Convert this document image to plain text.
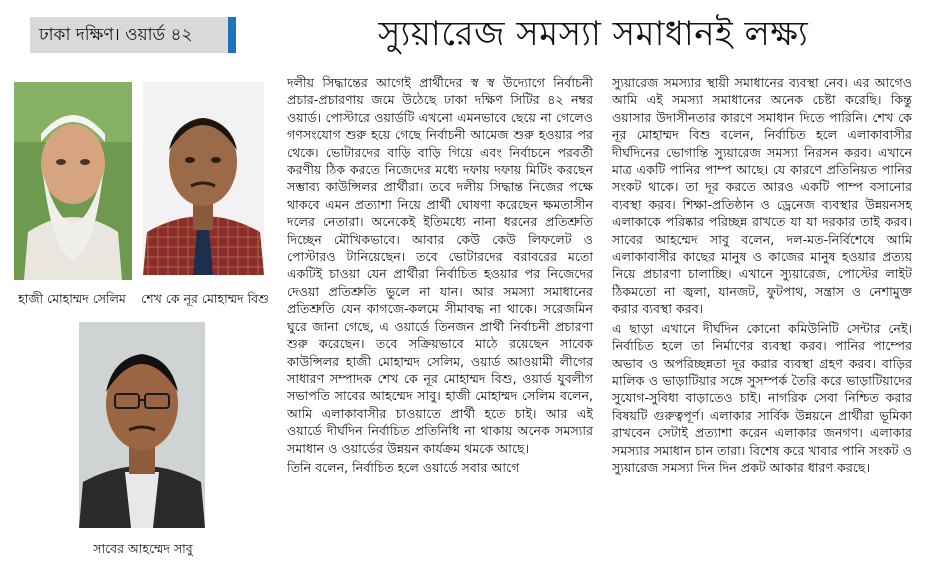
ঢাকা দক্ষিণ। ওয়ার্ড ৪২	স্যুয়ারেজ সমস্যা সমাধানই লক্ষ্য
হাজী মোহাম্মদ সেলিম	শেখ কে নূর মোহাম্মদ বিশু
সাবের আহম্মেদ সাবু

দলীয় সিদ্ধান্তের আগেই প্রার্থীদের স্ব স্ব উদ্যোগে নির্বাচনী প্রচার-প্রচারণায় জমে উঠেছে ঢাকা দক্ষিণ সিটির ৪২ নম্বর ওয়ার্ড। পোস্টারে ওয়ার্ডটি এখনো এমনভাবে ছেয়ে না গেলেও গণসংযোগ শুরু হয়ে গেছে নির্বাচনী আমেজ শুরু হওয়ার পর থেকে। ভোটারদের বাড়ি বাড়ি গিয়ে এবং নির্বাচনে পরবর্তী করণীয় ঠিক করতে নিজেদের মধ্যে দফায় দফায় মিটিং করছেন সম্ভাব্য কাউন্সিলর প্রার্থীরা। তবে দলীয় সিদ্ধান্ত নিজের পক্ষে থাকবে এমন প্রত্যাশা নিয়ে প্রার্থী ঘোষণা করেছেন ক্ষমতাসীন দলের নেতারা। অনেকেই ইতিমধ্যে নানা ধরনের প্রতিশ্রুতি দিচ্ছেন মৌখিকভাবে। আবার কেউ কেউ লিফলেট ও পোস্টারও টানিয়েছেন। তবে ভোটারদের বরাবরের মতো একটিই চাওয়া যেন প্রার্থীরা নির্বাচিত হওয়ার পর নিজেদের দেওয়া প্রতিশ্রুতি ভুলে না যান। আর সমস্যা সমাধানের প্রতিশ্রুতি যেন কাগজে-কলমে সীমাবদ্ধ না থাকে। সরেজমিন ঘুরে জানা গেছে, এ ওয়ার্ডে তিনজন প্রার্থী নির্বাচনী প্রচারণা শুরু করেছেন। তবে সক্রিয়ভাবে মাঠে রয়েছেন সাবেক কাউন্সিলর হাজী মোহাম্মদ সেলিম, ওয়ার্ড আওয়ামী লীগের সাধারণ সম্পাদক শেখ কে নূর মোহাম্মদ বিশু, ওয়ার্ড যুবলীগ সভাপতি সাবের আহম্মেদ সাবু। হাজী মোহাম্মদ সেলিম বলেন, আমি এলাকাবাসীর চাওয়াতে প্রার্থী হতে চাই। আর এই ওয়ার্ডে দীর্ঘদিন নির্বাচিত প্রতিনিধি না থাকায় অনেক সমস্যার সমাধান ও ওয়ার্ডের উন্নয়ন কার্যক্রম থমকে আছে।

তিনি বলেন, নির্বাচিত হলে ওয়ার্ডে সবার আগে

স্যুয়ারেজ সমস্যার স্থায়ী সমাধানের ব্যবস্থা নেব। এর আগেও আমি এই সমস্যা সমাধানের অনেক চেষ্টা করেছি। কিন্তু ওয়াসার উদাসীনতার কারণে সমাধান দিতে পারিনি। শেখ কে নূর মোহাম্মদ বিশু বলেন, নির্বাচিত হলে এলাকাবাসীর দীর্ঘদিনের ভোগান্তি স্যুয়ারেজ সমস্যা নিরসন করব। এখানে মাত্র একটি পানির পাম্প আছে। যে কারণে প্রতিনিয়ত পানির সংকট থাকে। তা দূর করতে আরও একটি পাম্প বসানোর ব্যবস্থা করব। শিক্ষা-প্রতিষ্ঠান ও ড্রেনেজ ব্যবস্থার উন্নয়নসহ এলাকাকে পরিষ্কার পরিচ্ছন্ন রাখতে যা যা দরকার তাই করব। সাবের আহম্মেদ সাবু বলেন, দল-মত-নির্বিশেষে আমি এলাকাবাসীর কাছের মানুষ ও কাজের মানুষ হওয়ার প্রত্যয় নিয়ে প্রচারণা চালাচ্ছি। এখানে স্যুয়ারেজ, পোস্টের লাইট ঠিকমতো না জ্বলা, যানজট, ফুটপাথ, সন্ত্রাস ও নেশামুক্ত করার ব্যবস্থা করব।

এ ছাড়া এখানে দীর্ঘদিন কোনো কমিউনিটি সেন্টার নেই। নির্বাচিত হলে তা নির্মাণের ব্যবস্থা করব। পানির পাম্পের অভাব ও অপরিচ্ছন্নতা দূর করার ব্যবস্থা গ্রহণ করব। বাড়ির মালিক ও ভাড়াটিয়ার সঙ্গে সুসম্পর্ক তৈরি করে ভাড়াটিয়াদের সুযোগ-সুবিধা বাড়াতেও চাই। নাগরিক সেবা নিশ্চিত করার বিষয়টি গুরুত্বপূর্ণ। এলাকার সার্বিক উন্নয়নে প্রার্থীরা ভূমিকা রাখবেন সেটাই প্রত্যাশা করেন এলাকার জনগণ। এলাকার সমস্যার সমাধান চান তারা। বিশেষ করে খাবার পানি সংকট ও স্যুয়ারেজ সমস্যা দিন দিন প্রকট আকার ধারণ করছে।
